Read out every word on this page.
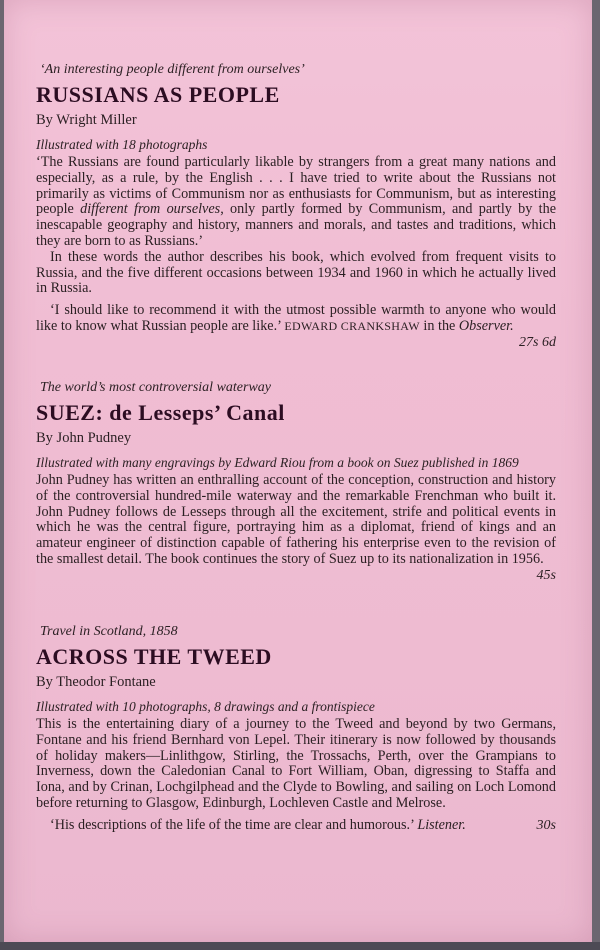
‘An interesting people different from ourselves’

RUSSIANS AS PEOPLE

By Wright Miller

Illustrated with 18 photographs

‘The Russians are found particularly likable by strangers from a great many nations and especially, as a rule, by the English . . . I have tried to write about the Russians not primarily as victims of Communism nor as enthusiasts for Communism, but as interesting people different from ourselves, only partly formed by Communism, and partly by the inescapable geography and history, manners and morals, and tastes and traditions, which they are born to as Russians.’

In these words the author describes his book, which evolved from frequent visits to Russia, and the five different occasions between 1934 and 1960 in which he actually lived in Russia.

‘I should like to recommend it with the utmost possible warmth to anyone who would like to know what Russian people are like.’ EDWARD CRANKSHAW in the Observer.
27s 6d

The world’s most controversial waterway

SUEZ: de Lesseps’ Canal

By John Pudney

Illustrated with many engravings by Edward Riou from a book on Suez published in 1869

John Pudney has written an enthralling account of the conception, construction and history of the controversial hundred-mile waterway and the remarkable Frenchman who built it. John Pudney follows de Lesseps through all the excitement, strife and political events in which he was the central figure, portraying him as a diplomat, friend of kings and an amateur engineer of distinction capable of fathering his enterprise even to the revision of the smallest detail. The book continues the story of Suez up to its nationalization in 1956.
45s

Travel in Scotland, 1858

ACROSS THE TWEED

By Theodor Fontane

Illustrated with 10 photographs, 8 drawings and a frontispiece

This is the entertaining diary of a journey to the Tweed and beyond by two Germans, Fontane and his friend Bernhard von Lepel. Their itinerary is now followed by thousands of holiday makers—Linlithgow, Stirling, the Trossachs, Perth, over the Grampians to Inverness, down the Caledonian Canal to Fort William, Oban, digressing to Staffa and Iona, and by Crinan, Lochgilphead and the Clyde to Bowling, and sailing on Loch Lomond before returning to Glasgow, Edinburgh, Lochleven Castle and Melrose.

‘His descriptions of the life of the time are clear and humorous.’ Listener.	30s
